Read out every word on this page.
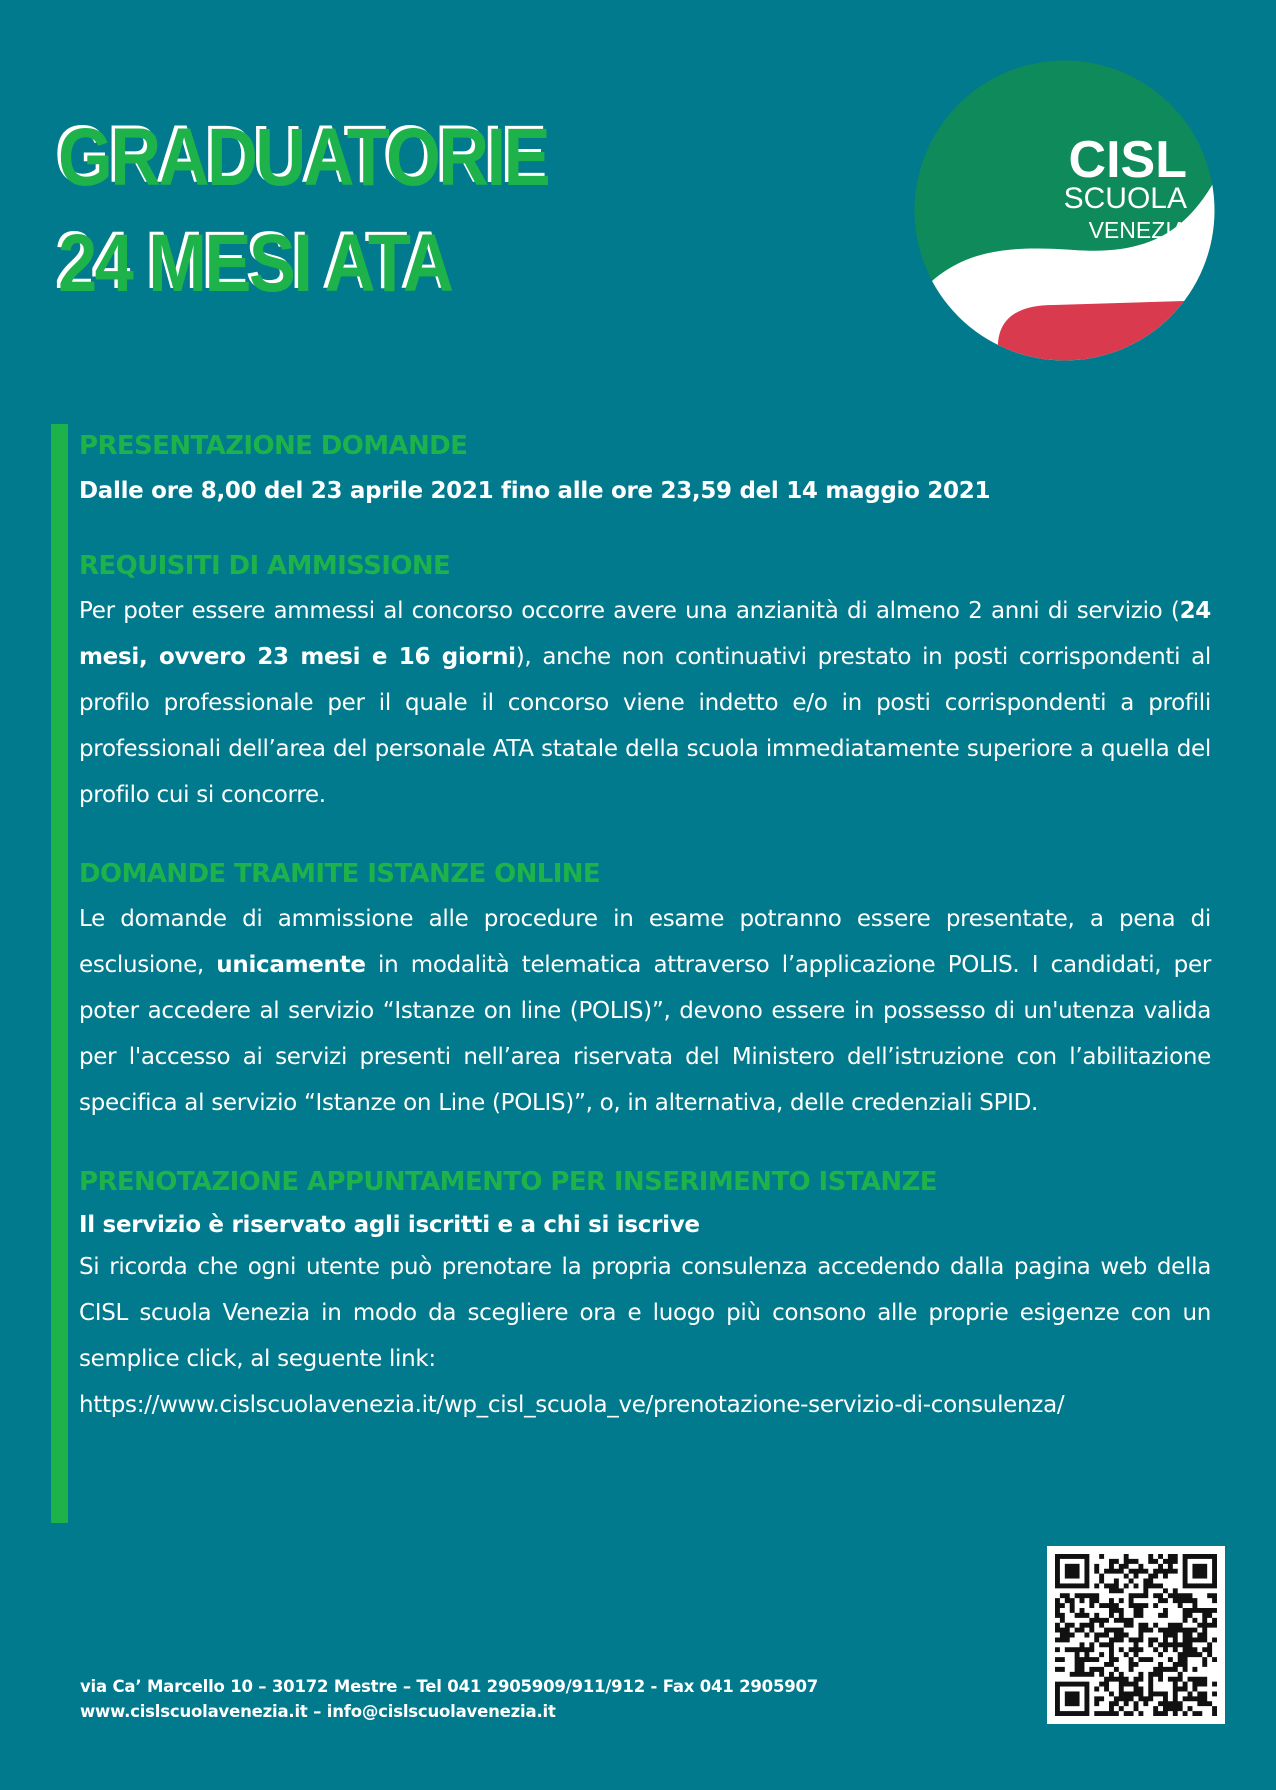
GRADUATORIE
24 MESI ATA
CISL
SCUOLA
VENEZIA
PRESENTAZIONE DOMANDE

Dalle ore 8,00 del 23 aprile 2021 fino alle ore 23,59 del 14 maggio 2021

REQUISITI DI AMMISSIONE

Per poter essere ammessi al concorso occorre avere una anzianità di almeno 2 anni di servizio (24 mesi, ovvero 23 mesi e 16 giorni), anche non continuativi prestato in posti corrispondenti al profilo professionale per il quale il concorso viene indetto e/o in posti corrispondenti a profili professionali dell’area del personale ATA statale della scuola immediatamente superiore a quella del profilo cui si concorre.

DOMANDE TRAMITE ISTANZE ONLINE

Le domande di ammissione alle procedure in esame potranno essere presentate, a pena di esclusione, unicamente in modalità telematica attraverso l’applicazione POLIS. I candidati, per poter accedere al servizio “Istanze on line (POLIS)”, devono essere in possesso di un'utenza valida per l'accesso ai servizi presenti nell’area riservata del Ministero dell’istruzione con l’abilitazione specifica al servizio “Istanze on Line (POLIS)”, o, in alternativa, delle credenziali SPID.

PRENOTAZIONE APPUNTAMENTO PER INSERIMENTO ISTANZE

Il servizio è riservato agli iscritti e a chi si iscrive

Si ricorda che ogni utente può prenotare la propria consulenza accedendo dalla pagina web della CISL scuola Venezia in modo da scegliere ora e luogo più consono alle proprie esigenze con un semplice click, al seguente link:

https://www.cislscuolavenezia.it/wp_cisl_scuola_ve/prenotazione-servizio-di-consulenza/

via Ca’ Marcello 10 – 30172 Mestre – Tel 041 2905909/911/912 - Fax 041 2905907
www.cislscuolavenezia.it – info@cislscuolavenezia.it
